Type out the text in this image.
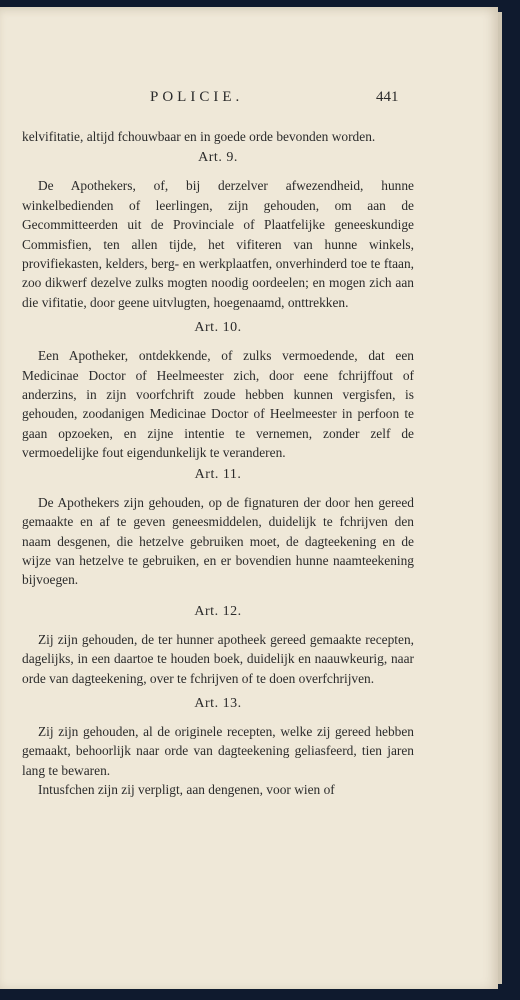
POLICIE.	441

kelvifitatie, altijd fchouwbaar en in goede orde bevonden worden.

Art. 9.

De Apothekers, of, bij derzelver afwezendheid, hunne winkelbedienden of leerlingen, zijn gehouden, om aan de Gecommitteerden uit de Provinciale of Plaatfelijke geneeskundige Commisfien, ten allen tijde, het vifiteren van hunne winkels, provifiekasten, kelders, berg- en werkplaatfen, onverhinderd toe te ftaan, zoo dikwerf dezelve zulks mogten noodig oordeelen; en mogen zich aan die vifitatie, door geene uitvlugten, hoegenaamd, onttrekken.

Art. 10.

Een Apotheker, ontdekkende, of zulks vermoedende, dat een Medicinae Doctor of Heelmeester zich, door eene fchrijffout of anderzins, in zijn voorfchrift zoude hebben kunnen vergisfen, is gehouden, zoodanigen Medicinae Doctor of Heelmeester in perfoon te gaan opzoeken, en zijne intentie te vernemen, zonder zelf de vermoedelijke fout eigendunkelijk te veranderen.

Art. 11.

De Apothekers zijn gehouden, op de fignaturen der door hen gereed gemaakte en af te geven geneesmiddelen, duidelijk te fchrijven den naam desgenen, die hetzelve gebruiken moet, de dagteekening en de wijze van hetzelve te gebruiken, en er bovendien hunne naamteekening bijvoegen.

Art. 12.

Zij zijn gehouden, de ter hunner apotheek gereed gemaakte recepten, dagelijks, in een daartoe te houden boek, duidelijk en naauwkeurig, naar orde van dagteekening, over te fchrijven of te doen overfchrijven.

Art. 13.

Zij zijn gehouden, al de originele recepten, welke zij gereed hebben gemaakt, behoorlijk naar orde van dagteekening geliasfeerd, tien jaren lang te bewaren.

Intusfchen zijn zij verpligt, aan dengenen, voor wien of
